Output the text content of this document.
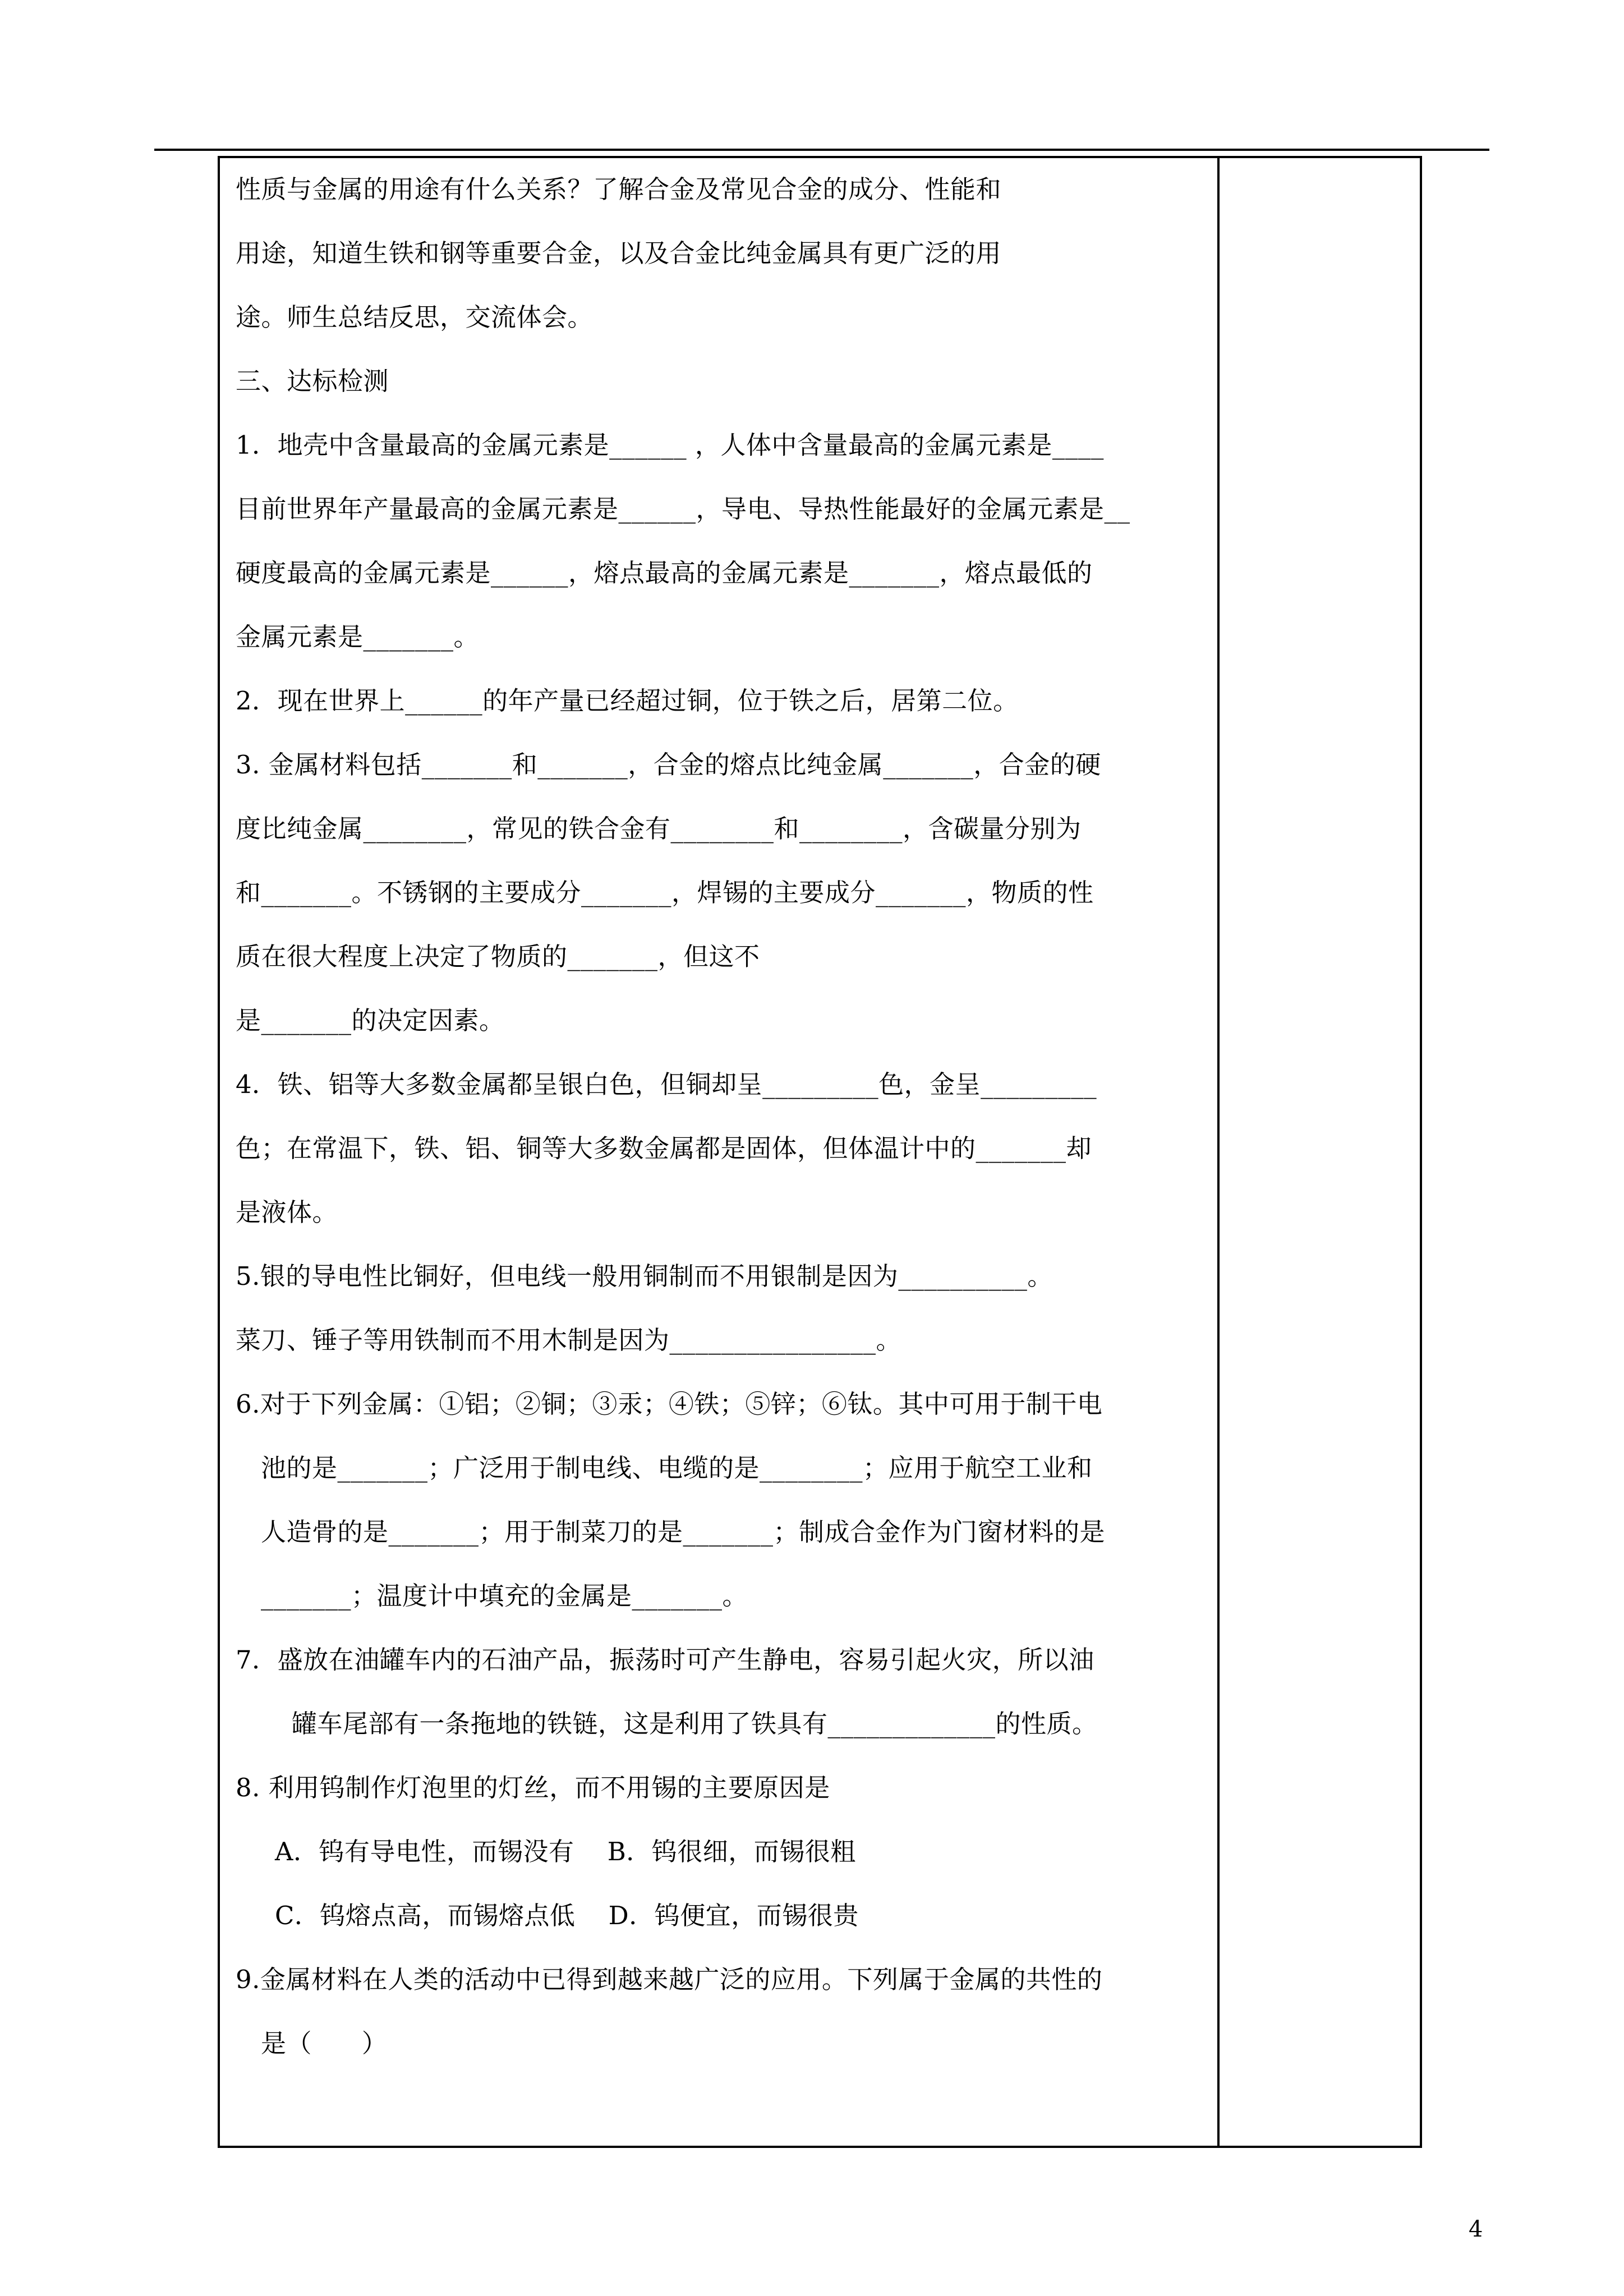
性质与金属的用途有什么关系？了解合金及常见合金的成分、性能和
用途，知道生铁和钢等重要合金，以及合金比纯金属具有更广泛的用
途。师生总结反思，交流体会。
三、达标检测
1．地壳中含量最高的金属元素是______ ，人体中含量最高的金属元素是____
目前世界年产量最高的金属元素是______，导电、导热性能最好的金属元素是__
硬度最高的金属元素是______，熔点最高的金属元素是_______，熔点最低的
金属元素是_______。
2．现在世界上______的年产量已经超过铜，位于铁之后，居第二位。
3. 金属材料包括_______和_______，合金的熔点比纯金属_______，合金的硬
度比纯金属________，常见的铁合金有________和________，含碳量分别为
和_______。不锈钢的主要成分_______，焊锡的主要成分_______，物质的性
质在很大程度上决定了物质的_______，但这不
是_______的决定因素。
4．铁、铝等大多数金属都呈银白色，但铜却呈_________色，金呈_________
色；在常温下，铁、铝、铜等大多数金属都是固体，但体温计中的_______却
是液体。
5.银的导电性比铜好，但电线一般用铜制而不用银制是因为__________。
菜刀、锤子等用铁制而不用木制是因为________________。
6.对于下列金属：①铝；②铜；③汞；④铁；⑤锌；⑥钛。其中可用于制干电
池的是_______；广泛用于制电线、电缆的是________；应用于航空工业和
人造骨的是_______；用于制菜刀的是_______；制成合金作为门窗材料的是
_______；温度计中填充的金属是_______。
7．盛放在油罐车内的石油产品，振荡时可产生静电，容易引起火灾，所以油
罐车尾部有一条拖地的铁链，这是利用了铁具有_____________的性质。
8. 利用钨制作灯泡里的灯丝，而不用锡的主要原因是
A．钨有导电性，而锡没有    B．钨很细，而锡很粗
C．钨熔点高，而锡熔点低    D．钨便宜，而锡很贵
9.金属材料在人类的活动中已得到越来越广泛的应用。下列属于金属的共性的
是（      ）
4
